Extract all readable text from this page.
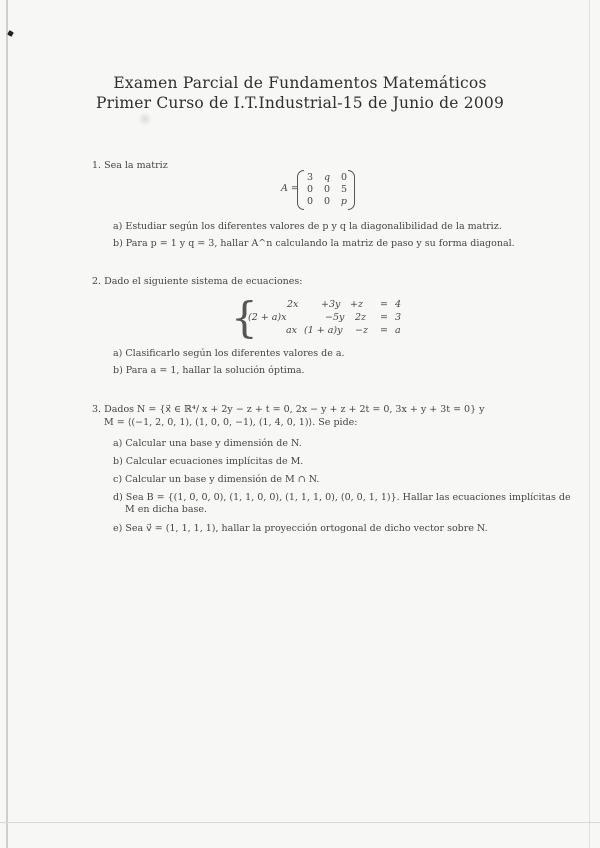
Examen Parcial de Fundamentos Matemáticos
Primer Curso de I.T.Industrial-15 de Junio de 2009
1. Sea la matriz
A =
3 q 0
0 0 5
0 0 p
a) Estudiar según los diferentes valores de p y q la diagonalibilidad de la matriz.
b) Para p = 1 y q = 3, hallar A^n calculando la matriz de paso y su forma diagonal.
2. Dado el siguiente sistema de ecuaciones:
{	2x +3y +z = 4
(2 + a)x	−5y 2z = 3
ax (1 + a)y −z = a
a) Clasificarlo según los diferentes valores de a.
b) Para a = 1, hallar la solución óptima.
3. Dados N = {x⃗ ∈ ℝ⁴/ x + 2y − z + t = 0, 2x − y + z + 2t = 0, 3x + y + 3t = 0} y
M = ⟨(−1, 2, 0, 1), (1, 0, 0, −1), (1, 4, 0, 1)⟩. Se pide:
a) Calcular una base y dimensión de N.
b) Calcular ecuaciones implícitas de M.
c) Calcular un base y dimensión de M ∩ N.
d) Sea B = {(1, 0, 0, 0), (1, 1, 0, 0), (1, 1, 1, 0), (0, 0, 1, 1)}. Hallar las ecuaciones implícitas de
M en dicha base.
e) Sea v⃗ = (1, 1, 1, 1), hallar la proyección ortogonal de dicho vector sobre N.
